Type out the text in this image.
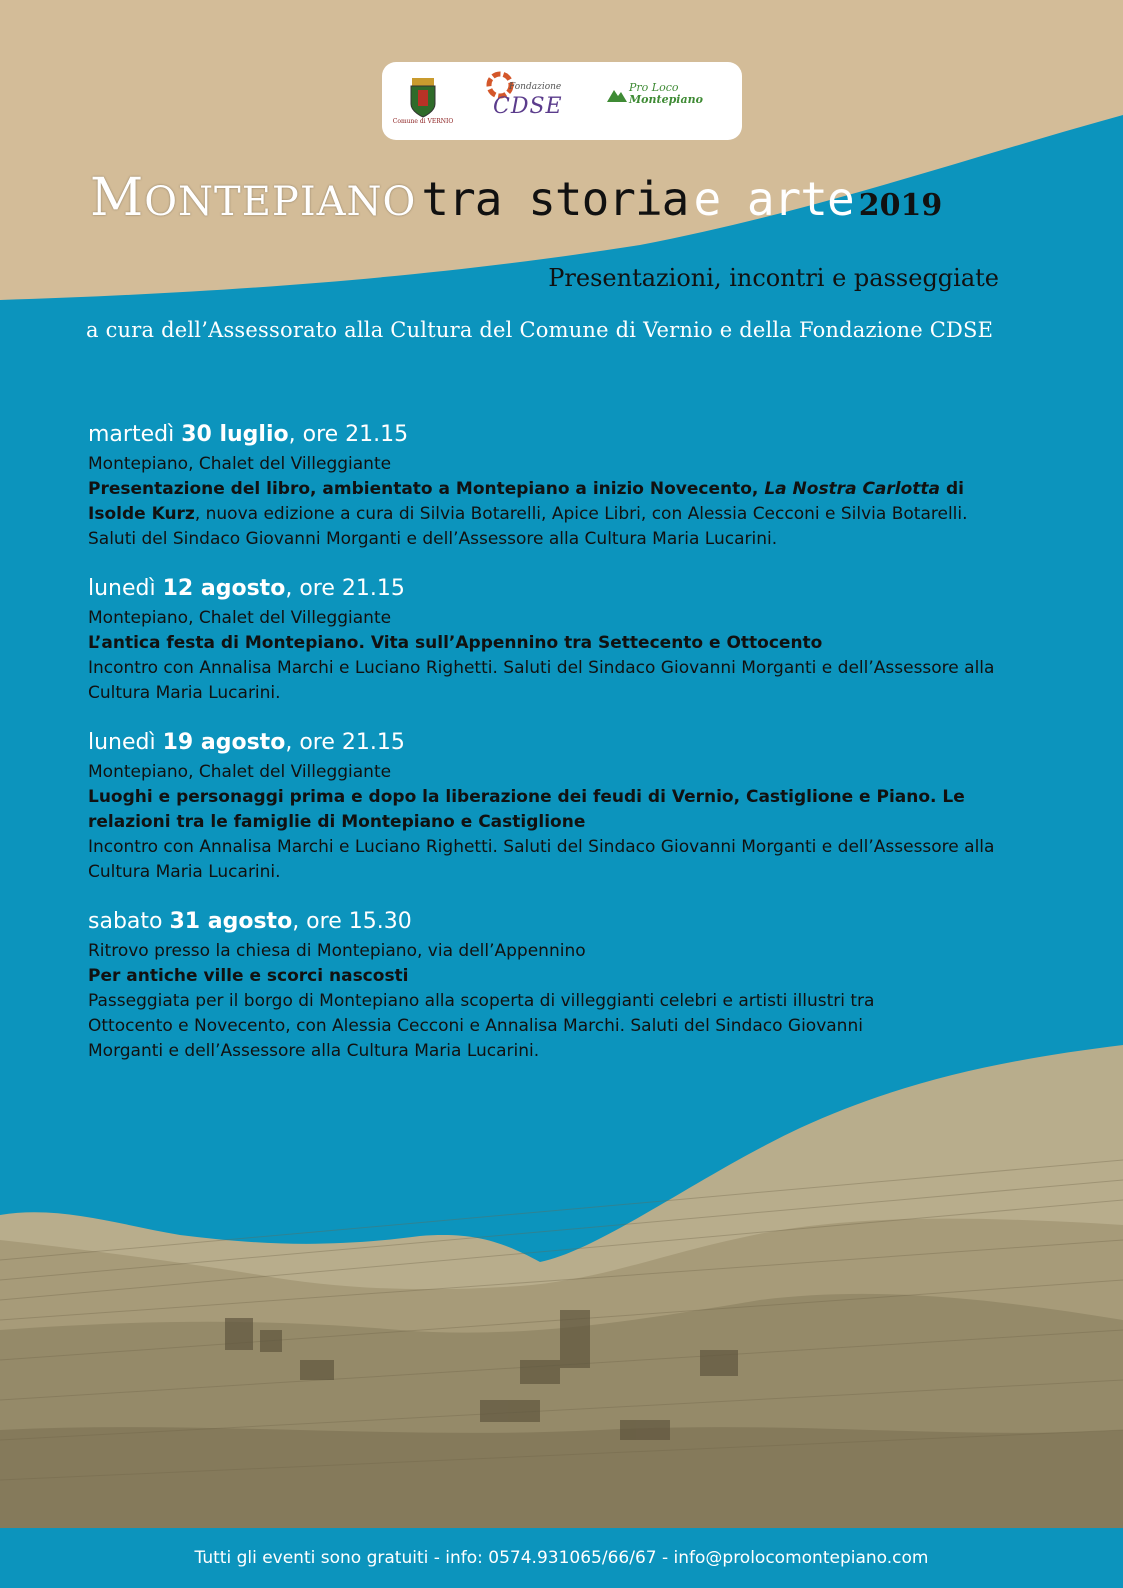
Comune di VERNIO
Fondazione
CDSE
Pro Loco
Montepiano
MONTEPIANO tra storia e arte 2019
Presentazioni, incontri e passeggiate
a cura dell’Assessorato alla Cultura del Comune di Vernio e della Fondazione CDSE
martedì 30 luglio, ore 21.15
Montepiano, Chalet del Villeggiante
Presentazione del libro, ambientato a Montepiano a inizio Novecento, La Nostra Carlotta di Isolde Kurz, nuova edizione a cura di Silvia Botarelli, Apice Libri, con Alessia Cecconi e Silvia Botarelli. Saluti del Sindaco Giovanni Morganti e dell’Assessore alla Cultura Maria Lucarini.
lunedì 12 agosto, ore 21.15
Montepiano, Chalet del Villeggiante
L’antica festa di Montepiano. Vita sull’Appennino tra Settecento e Ottocento
Incontro con Annalisa Marchi e Luciano Righetti. Saluti del Sindaco Giovanni Morganti e dell’Assessore alla Cultura Maria Lucarini.
lunedì 19 agosto, ore 21.15
Montepiano, Chalet del Villeggiante
Luoghi e personaggi prima e dopo la liberazione dei feudi di Vernio, Castiglione e Piano. Le relazioni tra le famiglie di Montepiano e Castiglione
Incontro con Annalisa Marchi e Luciano Righetti. Saluti del Sindaco Giovanni Morganti e dell’Assessore alla Cultura Maria Lucarini.
sabato 31 agosto, ore 15.30
Ritrovo presso la chiesa di Montepiano, via dell’Appennino
Per antiche ville e scorci nascosti
Passeggiata per il borgo di Montepiano alla scoperta di villeggianti celebri e artisti illustri tra Ottocento e Novecento, con Alessia Cecconi e Annalisa Marchi. Saluti del Sindaco Giovanni Morganti e dell’Assessore alla Cultura Maria Lucarini.
Tutti gli eventi sono gratuiti - info: 0574.931065/66/67 - info@prolocomontepiano.com
